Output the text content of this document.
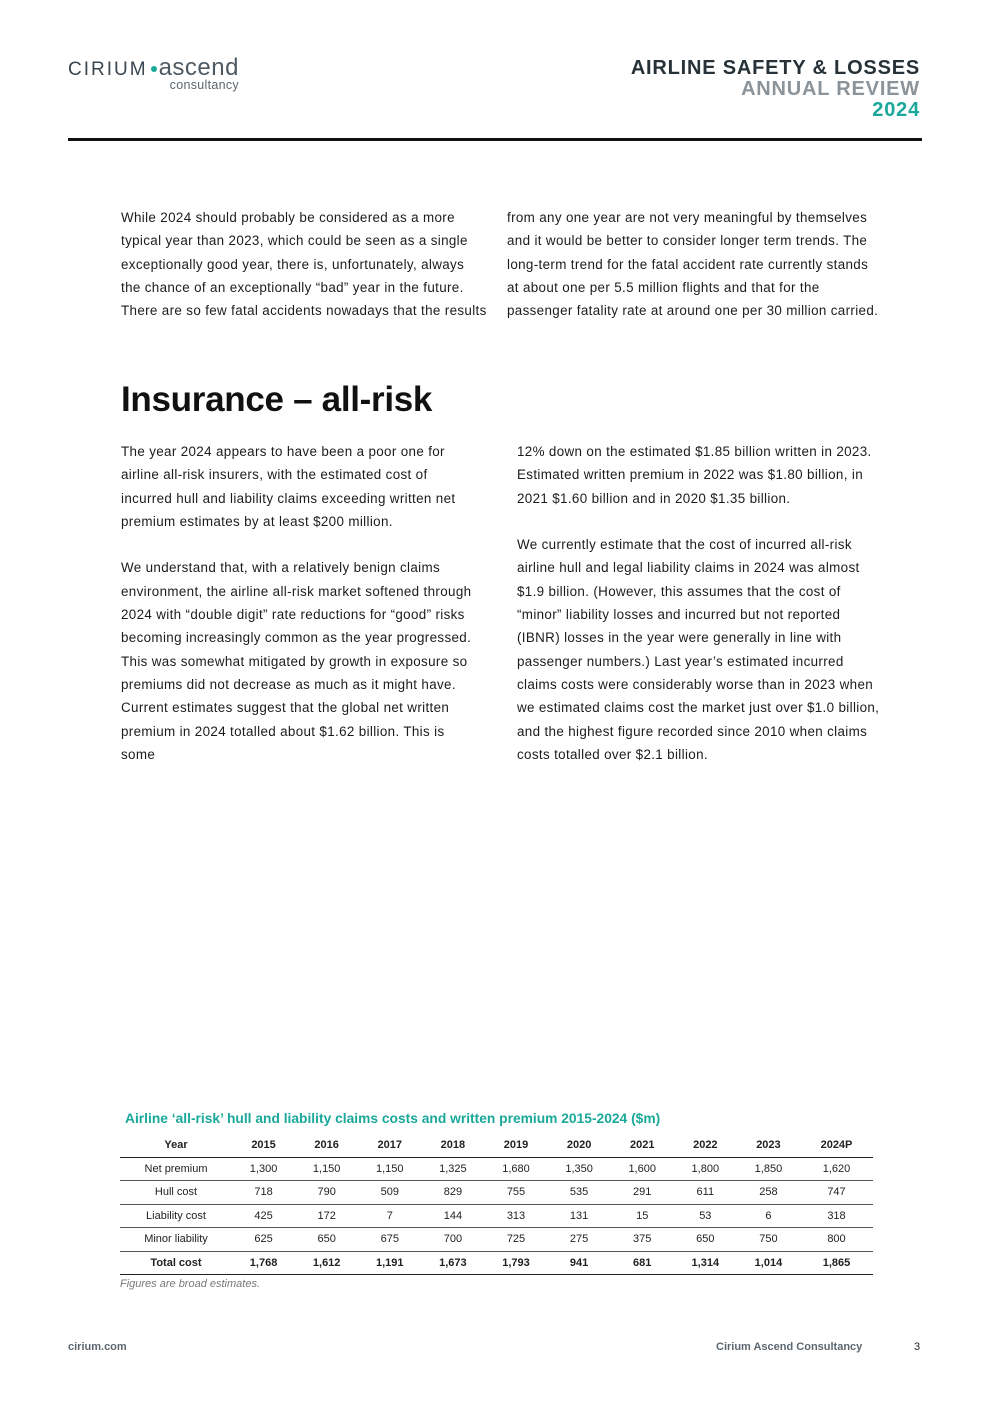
CIRIUM ascend
consultancy
AIRLINE SAFETY & LOSSES
ANNUAL REVIEW
2024

While 2024 should probably be considered as a more typical year than 2023, which could be seen as a single exceptionally good year, there is, unfortunately, always the chance of an exceptionally “bad” year in the future. There are so few fatal accidents nowadays that the results

from any one year are not very meaningful by themselves and it would be better to consider longer term trends. The long-term trend for the fatal accident rate currently stands at about one per 5.5 million flights and that for the passenger fatality rate at around one per 30 million carried.

Insurance – all-risk

The year 2024 appears to have been a poor one for airline all-risk insurers, with the estimated cost of incurred hull and liability claims exceeding written net premium estimates by at least $200 million.

We understand that, with a relatively benign claims environment, the airline all-risk market softened through 2024 with “double digit” rate reductions for “good” risks becoming increasingly common as the year progressed. This was somewhat mitigated by growth in exposure so premiums did not decrease as much as it might have. Current estimates suggest that the global net written premium in 2024 totalled about $1.62 billion. This is some

12% down on the estimated $1.85 billion written in 2023. Estimated written premium in 2022 was $1.80 billion, in 2021 $1.60 billion and in 2020 $1.35 billion.

We currently estimate that the cost of incurred all-risk airline hull and legal liability claims in 2024 was almost $1.9 billion. (However, this assumes that the cost of “minor” liability losses and incurred but not reported (IBNR) losses in the year were generally in line with passenger numbers.) Last year’s estimated incurred claims costs were considerably worse than in 2023 when we estimated claims cost the market just over $1.0 billion, and the highest figure recorded since 2010 when claims costs totalled over $2.1 billion.

Airline ‘all-risk’ hull and liability claims costs and written premium 2015-2024 ($m)
Year	2015	2016	2017	2018	2019	2020	2021	2022	2023	2024P
Net premium	1,300	1,150	1,150	1,325	1,680	1,350	1,600	1,800	1,850	1,620
Hull cost	718	790	509	829	755	535	291	611	258	747
Liability cost	425	172	7	144	313	131	15	53	6	318
Minor liability	625	650	675	700	725	275	375	650	750	800
Total cost	1,768	1,612	1,191	1,673	1,793	941	681	1,314	1,014	1,865
Figures are broad estimates.
cirium.com	Cirium Ascend Consultancy	3
